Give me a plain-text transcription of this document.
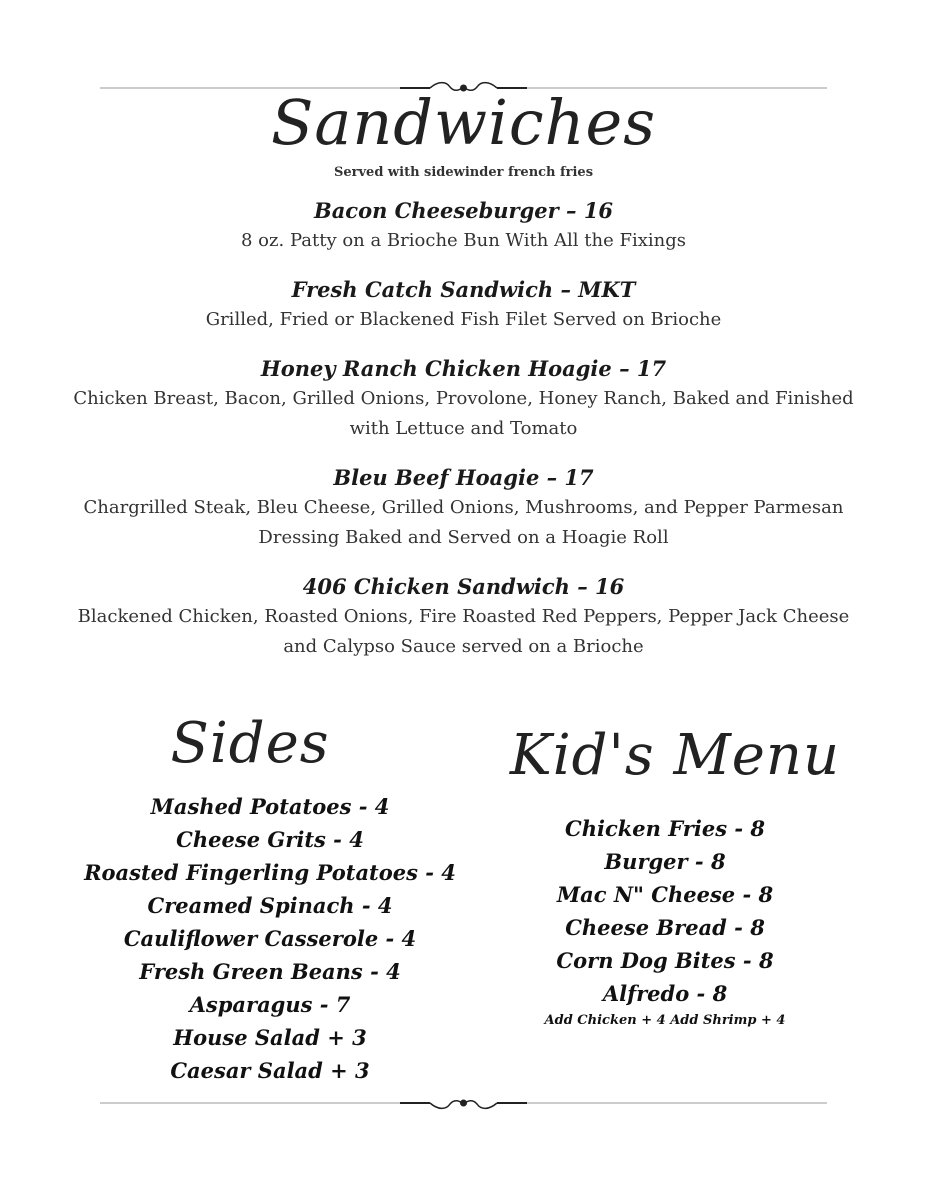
Sandwiches
Served with sidewinder french fries
Bacon Cheeseburger – 16
8 oz. Patty on a Brioche Bun With All the Fixings
Fresh Catch Sandwich – MKT
Grilled, Fried or Blackened Fish Filet Served on Brioche
Honey Ranch Chicken Hoagie – 17
Chicken Breast, Bacon, Grilled Onions, Provolone, Honey Ranch, Baked and Finished with Lettuce and Tomato
Bleu Beef Hoagie – 17
Chargrilled Steak, Bleu Cheese, Grilled Onions, Mushrooms, and Pepper Parmesan Dressing Baked and Served on a Hoagie Roll
406 Chicken Sandwich – 16
Blackened Chicken, Roasted Onions, Fire Roasted Red Peppers, Pepper Jack Cheese and Calypso Sauce served on a Brioche
Sides	Kid's Menu
Mashed Potatoes - 4
Cheese Grits - 4
Roasted Fingerling Potatoes - 4
Creamed Spinach - 4
Cauliflower Casserole - 4
Fresh Green Beans - 4
Asparagus - 7
House Salad + 3
Caesar Salad + 3
Chicken Fries - 8
Burger - 8
Mac N" Cheese - 8
Cheese Bread - 8
Corn Dog Bites - 8
Alfredo - 8
Add Chicken + 4 Add Shrimp + 4
